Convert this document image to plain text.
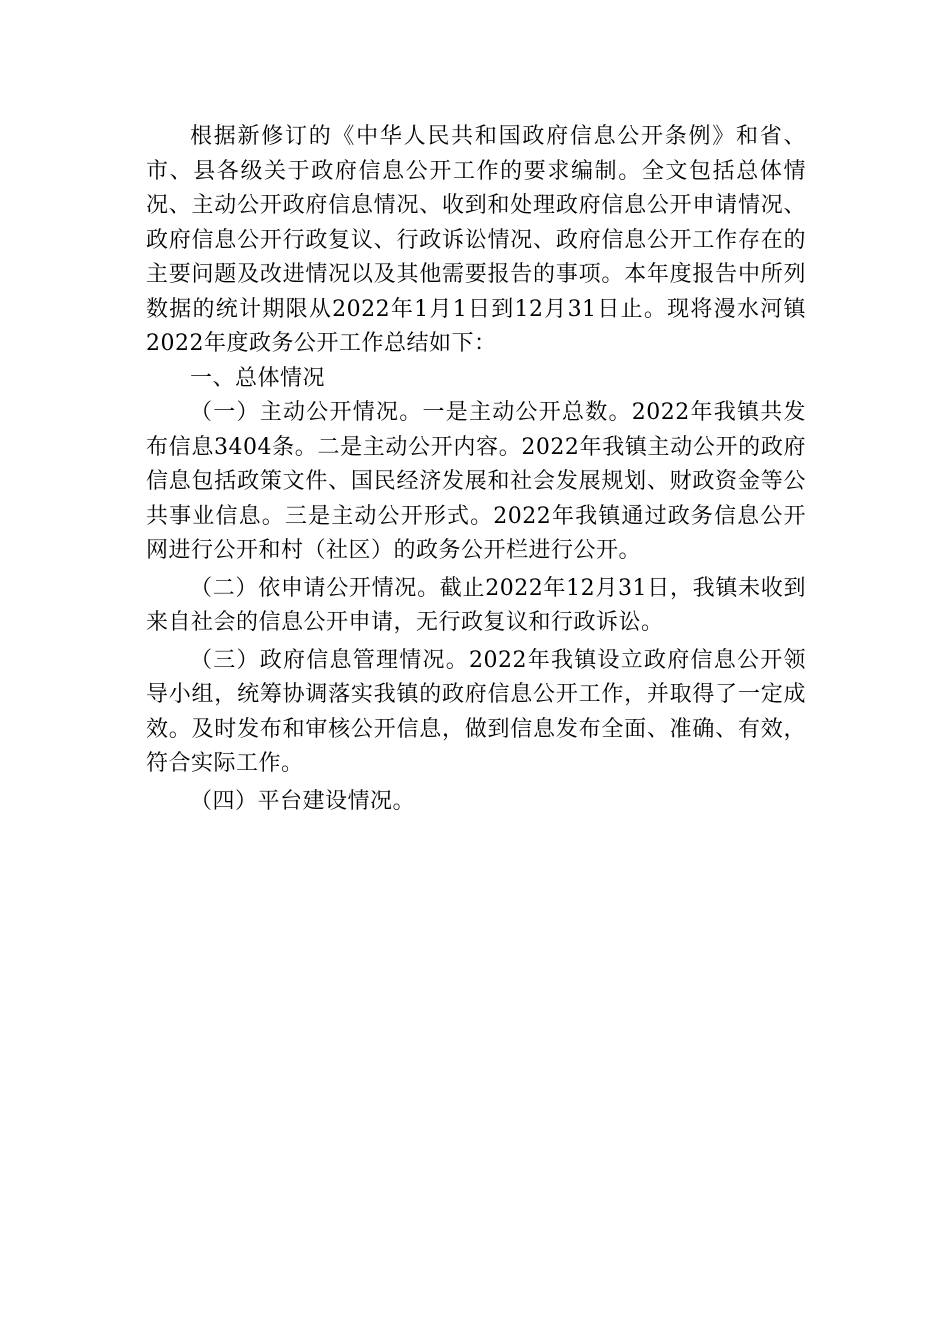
根据新修订的《中华人民共和国政府信息公开条例》和省、市、县各级关于政府信息公开工作的要求编制。全文包括总体情况、主动公开政府信息情况、收到和处理政府信息公开申请情况、政府信息公开行政复议、行政诉讼情况、政府信息公开工作存在的主要问题及改进情况以及其他需要报告的事项。本年度报告中所列数据的统计期限从2022年1月1日到12月31日止。现将漫水河镇2022年度政务公开工作总结如下：

一、总体情况

（一）主动公开情况。一是主动公开总数。2022年我镇共发布信息3404条。二是主动公开内容。2022年我镇主动公开的政府信息包括政策文件、国民经济发展和社会发展规划、财政资金等公共事业信息。三是主动公开形式。2022年我镇通过政务信息公开网进行公开和村（社区）的政务公开栏进行公开。

（二）依申请公开情况。截止2022年12月31日，我镇未收到来自社会的信息公开申请，无行政复议和行政诉讼。

（三）政府信息管理情况。2022年我镇设立政府信息公开领导小组，统筹协调落实我镇的政府信息公开工作，并取得了一定成效。及时发布和审核公开信息，做到信息发布全面、准确、有效，符合实际工作。

（四）平台建设情况。
